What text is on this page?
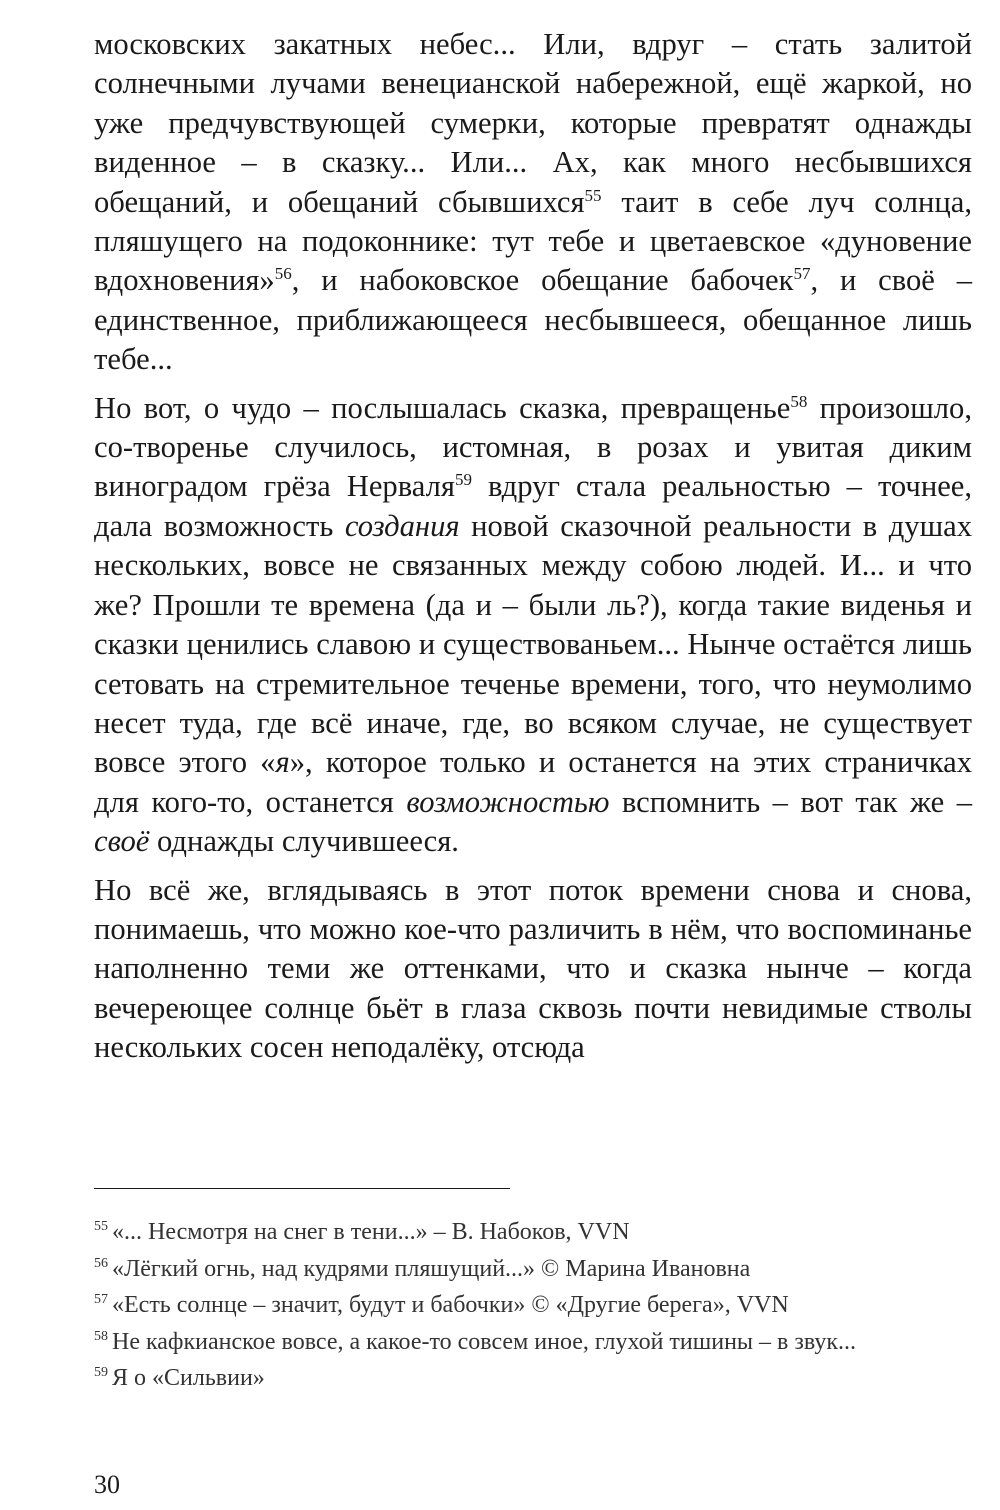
московских закатных небес... Или, вдруг – стать залитой солнечными лучами венецианской набережной, ещё жаркой, но уже предчувствующей сумерки, которые превратят однажды виденное – в сказку... Или... Ах, как много несбывшихся обещаний, и обещаний сбывшихся$^{55}$ таит в себе луч солнца, пляшущего на подоконнике: тут тебе и цветаевское «дуновение вдохновения»$^{56}$, и набоковское обещание бабочек$^{57}$, и своё – единственное, приближающееся несбывшееся, обещанное лишь тебе...

Но вот, о чудо – послышалась сказка, превращенье$^{58}$ произошло, со-творенье случилось, истомная, в розах и увитая диким виноградом грёза Нерваля$^{59}$ вдруг стала реальностью – точнее, дала возможность создания новой сказочной реальности в душах нескольких, вовсе не связанных между собою людей. И... и что же? Прошли те времена (да и – были ль?), когда такие виденья и сказки ценились славою и существованьем... Нынче остаётся лишь сетовать на стремительное теченье времени, того, что неумолимо несет туда, где всё иначе, где, во всяком случае, не существует вовсе этого «я», которое только и останется на этих страничках для кого-то, останется возможностью вспомнить – вот так же – своё однажды случившееся.

Но всё же, вглядываясь в этот поток времени снова и снова, понимаешь, что можно кое-что различить в нём, что воспоминанье наполненно теми же оттенками, что и сказка нынче – когда вечереющее солнце бьёт в глаза сквозь почти невидимые стволы нескольких сосен неподалёку, отсюда

$^{55}$ «... Несмотря на снег в тени...» – В. Набоков, VVN

$^{56}$ «Лёгкий огнь, над кудрями пляшущий...» © Марина Ивановна

$^{57}$ «Есть солнце – значит, будут и бабочки» © «Другие берега», VVN

$^{58}$ Не кафкианское вовсе, а какое-то совсем иное, глухой тишины – в звук...

$^{59}$ Я о «Сильвии»

30
